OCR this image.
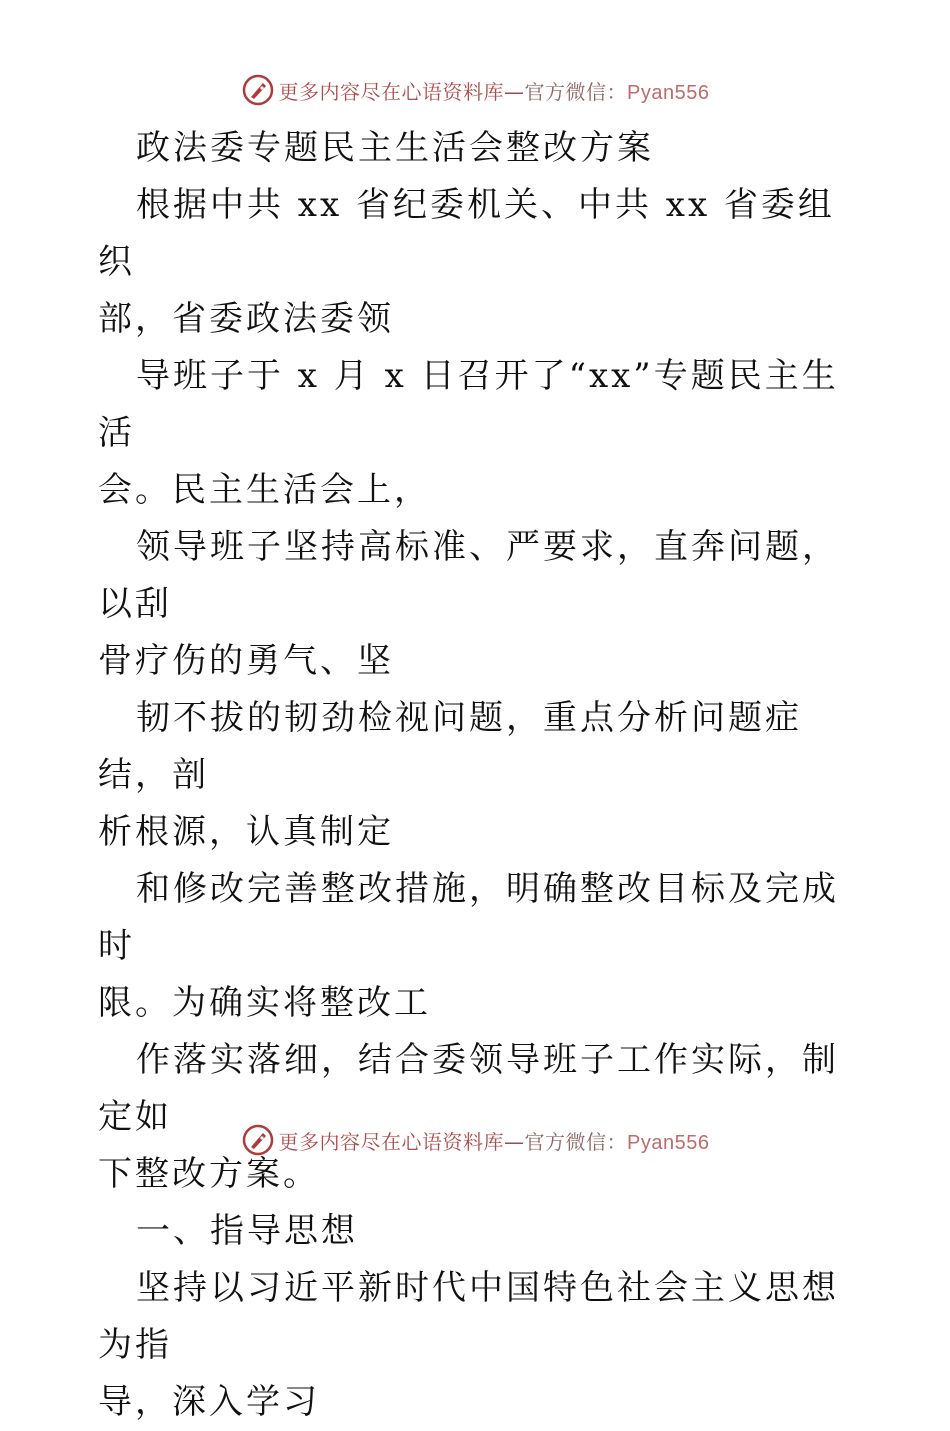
更多内容尽在心语资料库—官方微信：Pyan556

政法委专题民主生活会整改方案

根据中共 xx 省纪委机关、中共 xx 省委组织
部，省委政法委领

导班子于 x 月 x 日召开了“xx”专题民主生活
会。民主生活会上，

领导班子坚持高标准、严要求，直奔问题，以刮
骨疗伤的勇气、坚

韧不拔的韧劲检视问题，重点分析问题症结，剖
析根源，认真制定

和修改完善整改措施，明确整改目标及完成时
限。为确实将整改工

作落实落细，结合委领导班子工作实际，制定如
下整改方案。

一、指导思想

坚持以习近平新时代中国特色社会主义思想为指
导，深入学习

更多内容尽在心语资料库—官方微信：Pyan556
